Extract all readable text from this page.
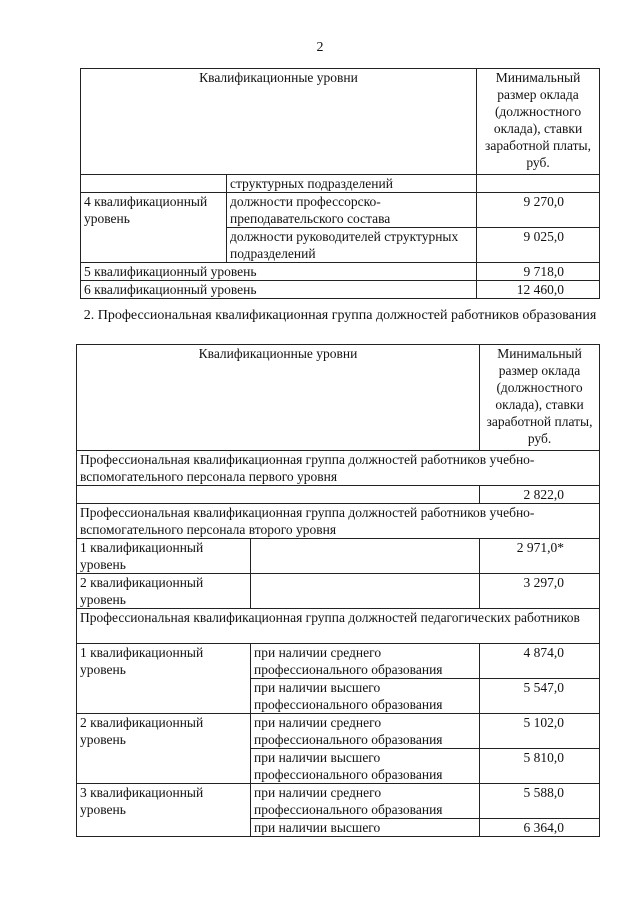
2
Квалификационные уровни		Минимальный размер оклада (должностного оклада), ставки заработной платы, руб.
	структурных подразделений	
4 квалификационный уровень	должности профессорско-преподавательского состава	9 270,0
	должности руководителей структурных подразделений	9 025,0
5 квалификационный уровень		9 718,0
6 квалификационный уровень		12 460,0
2. Профессиональная квалификационная группа должностей работников образования
Квалификационные уровни		Минимальный размер оклада (должностного оклада), ставки заработной платы, руб.
Профессиональная квалификационная группа должностей работников учебно-вспомогательного персонала первого уровня		
		2 822,0
Профессиональная квалификационная группа должностей работников учебно-вспомогательного персонала второго уровня		
1 квалификационный уровень		2 971,0*
2 квалификационный уровень		3 297,0
Профессиональная квалификационная группа должностей педагогических работников		
1 квалификационный уровень	при наличии среднего профессионального образования	4 874,0
	при наличии высшего профессионального образования	5 547,0
2 квалификационный уровень	при наличии среднего профессионального образования	5 102,0
	при наличии высшего профессионального образования	5 810,0
3 квалификационный уровень	при наличии среднего профессионального образования	5 588,0
	при наличии высшего	6 364,0
